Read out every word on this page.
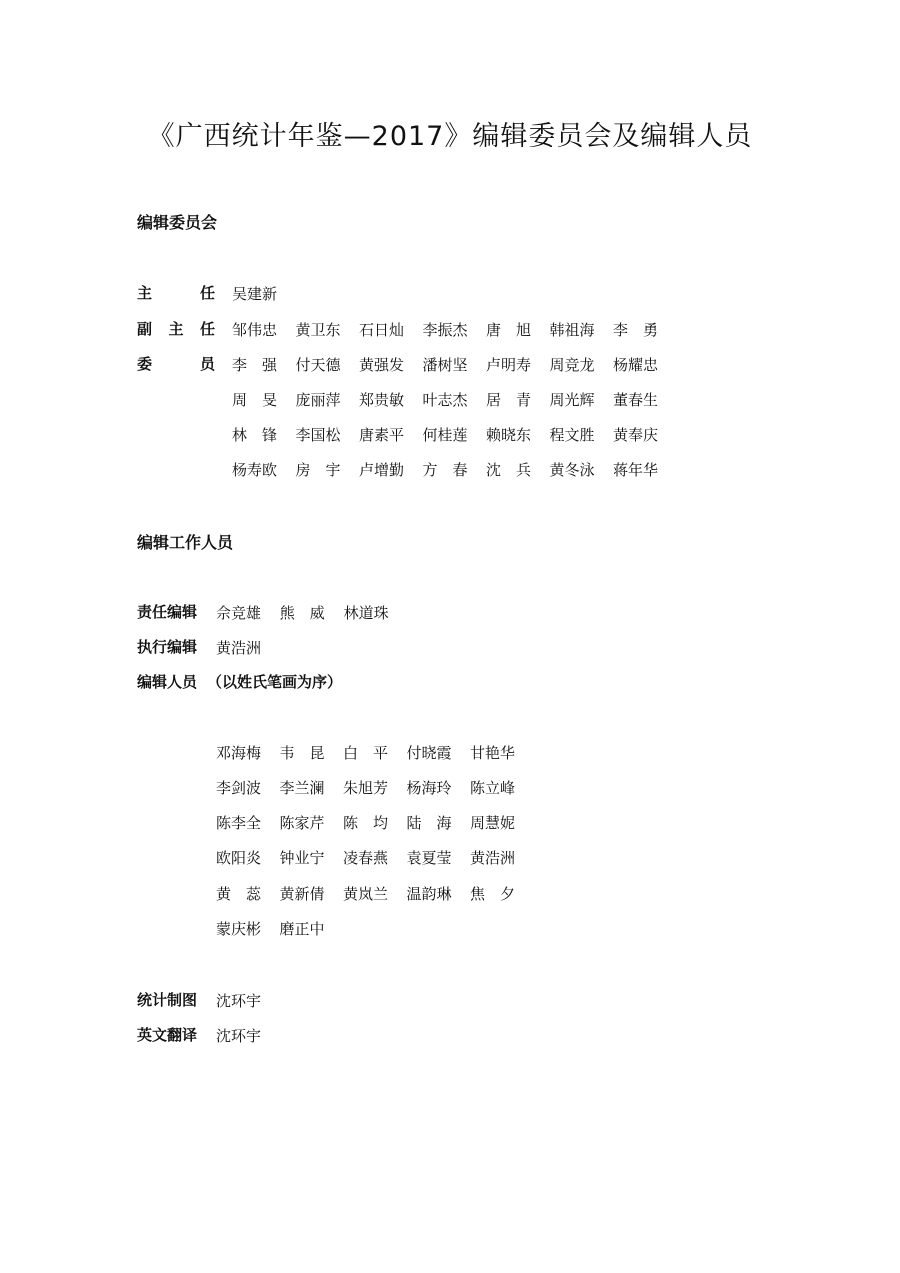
《广西统计年鉴—2017》编辑委员会及编辑人员
编辑委员会
主	任 吴建新
副 主 任 邹伟忠	黄卫东	石日灿	李振杰	唐　旭	韩祖海	李　勇
委	员 李　强	付天德	黄强发	潘树坚	卢明寿	周竞龙	杨耀忠
周　旻	庞丽萍	郑贵敏	叶志杰	居　青	周光辉	董春生
林　锋	李国松	唐素平	何桂莲	赖晓东	程文胜	黄奉庆
杨寿欧	房　宇	卢增勤	方　春	沈　兵	黄冬泳	蒋年华
编辑工作人员
责任编辑 佘竞雄 熊　威 林道珠
执行编辑 黄浩洲
编辑人员 （以姓氏笔画为序）
邓海梅	韦　昆	白　平	付晓霞	甘艳华
李剑波	李兰澜	朱旭芳	杨海玲	陈立峰
陈李全	陈家芹	陈　均	陆　海	周慧妮
欧阳炎	钟业宁	凌春燕	袁夏莹	黄浩洲
黄　蕊	黄新倩	黄岚兰	温韵琳	焦　夕
蒙庆彬	磨正中
统计制图 沈环宇
英文翻译 沈环宇
